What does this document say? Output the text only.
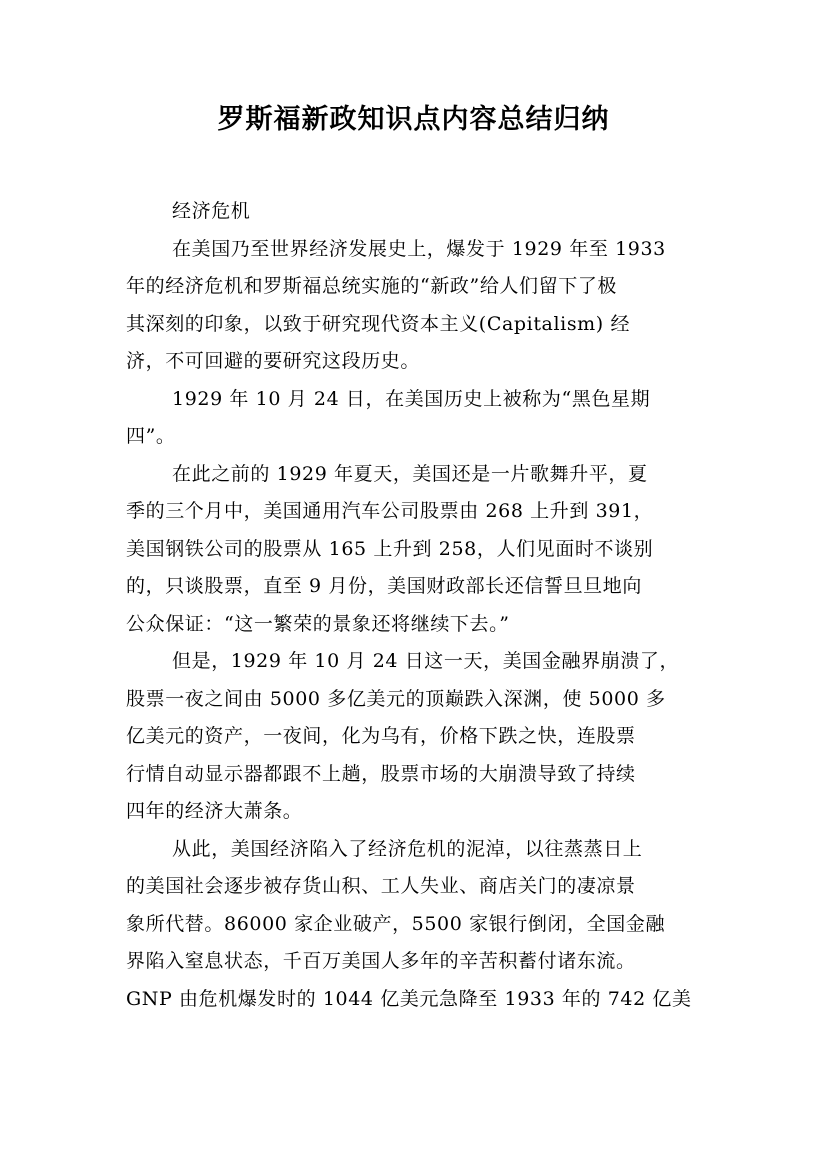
罗斯福新政知识点内容总结归纳
经济危机
在美国乃至世界经济发展史上，爆发于 1929 年至 1933
年的经济危机和罗斯福总统实施的“新政”给人们留下了极
其深刻的印象，以致于研究现代资本主义(Capitalism) 经
济，不可回避的要研究这段历史。
1929 年 10 月 24 日，在美国历史上被称为“黑色星期
四”。
在此之前的 1929 年夏天，美国还是一片歌舞升平，夏
季的三个月中，美国通用汽车公司股票由 268 上升到 391，
美国钢铁公司的股票从 165 上升到 258，人们见面时不谈别
的，只谈股票，直至 9 月份，美国财政部长还信誓旦旦地向
公众保证：“这一繁荣的景象还将继续下去。”
但是，1929 年 10 月 24 日这一天，美国金融界崩溃了，
股票一夜之间由 5000 多亿美元的顶巅跌入深渊，使 5000 多
亿美元的资产，一夜间，化为乌有，价格下跌之快，连股票
行情自动显示器都跟不上趟，股票市场的大崩溃导致了持续
四年的经济大萧条。
从此，美国经济陷入了经济危机的泥淖，以往蒸蒸日上
的美国社会逐步被存货山积、工人失业、商店关门的凄凉景
象所代替。86000 家企业破产，5500 家银行倒闭，全国金融
界陷入窒息状态，千百万美国人多年的辛苦积蓄付诸东流。
GNP 由危机爆发时的 1044 亿美元急降至 1933 年的 742 亿美
